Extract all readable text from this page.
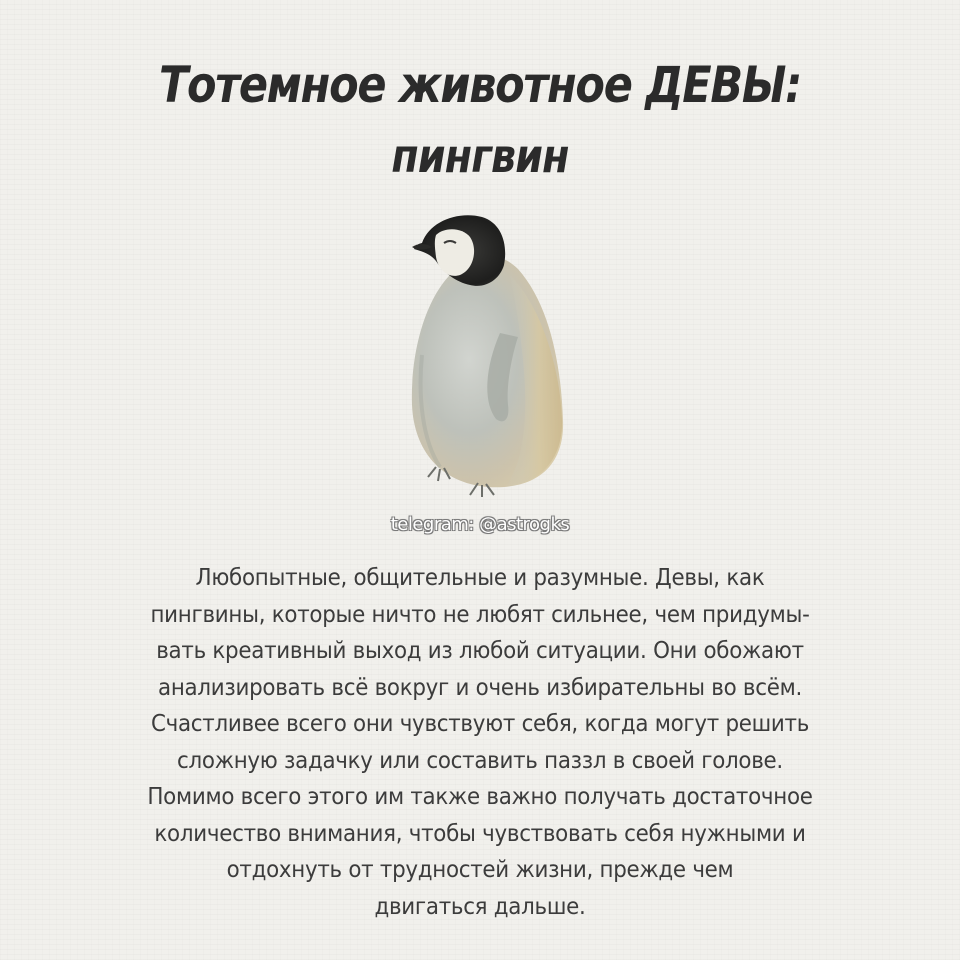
Тотемное животное ДЕВЫ:
пингвин
telegram: @astrogks
Любопытные, общительные и разумные. Девы, как
пингвины, которые ничто не любят сильнее, чем придумы-
вать креативный выход из любой ситуации. Они обожают
анализировать всё вокруг и очень избирательны во всём.
Счастливее всего они чувствуют себя, когда могут решить
сложную задачку или составить паззл в своей голове.
Помимо всего этого им также важно получать достаточное
количество внимания, чтобы чувствовать себя нужными и
отдохнуть от трудностей жизни, прежде чем
двигаться дальше.
